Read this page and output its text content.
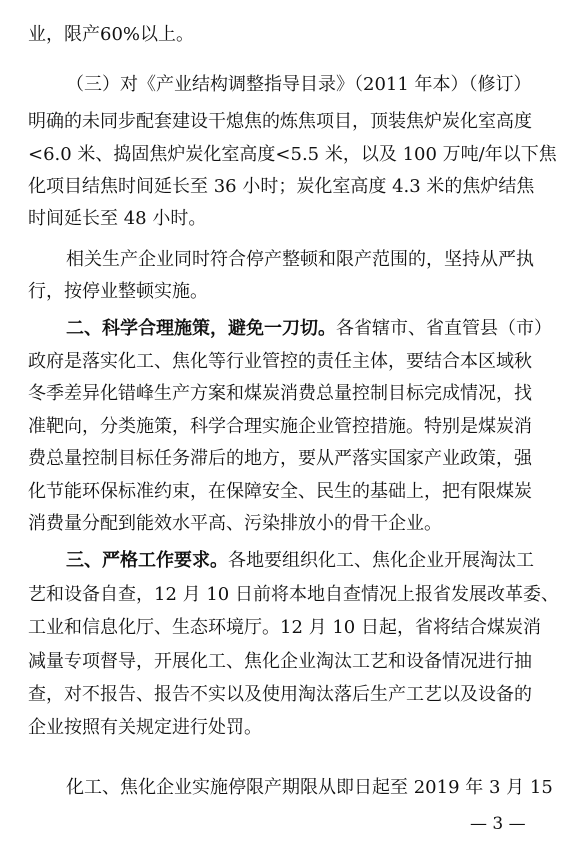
业，限产60%以上。
（三）对《产业结构调整指导目录》（2011 年本）（修订）
明确的未同步配套建设干熄焦的炼焦项目，顶装焦炉炭化室高度
<6.0 米、捣固焦炉炭化室高度<5.5 米，以及 100 万吨/年以下焦
化项目结焦时间延长至 36 小时；炭化室高度 4.3 米的焦炉结焦
时间延长至 48 小时。
相关生产企业同时符合停产整顿和限产范围的，坚持从严执
行，按停业整顿实施。
二、科学合理施策，避免一刀切。各省辖市、省直管县（市）
政府是落实化工、焦化等行业管控的责任主体，要结合本区域秋
冬季差异化错峰生产方案和煤炭消费总量控制目标完成情况，找
准靶向，分类施策，科学合理实施企业管控措施。特别是煤炭消
费总量控制目标任务滞后的地方，要从严落实国家产业政策，强
化节能环保标准约束，在保障安全、民生的基础上，把有限煤炭
消费量分配到能效水平高、污染排放小的骨干企业。
三、严格工作要求。各地要组织化工、焦化企业开展淘汰工
艺和设备自查，12 月 10 日前将本地自查情况上报省发展改革委、
工业和信息化厅、生态环境厅。12 月 10 日起，省将结合煤炭消
减量专项督导，开展化工、焦化企业淘汰工艺和设备情况进行抽
查，对不报告、报告不实以及使用淘汰落后生产工艺以及设备的
企业按照有关规定进行处罚。
化工、焦化企业实施停限产期限从即日起至 2019 年 3 月 15
— 3 —
